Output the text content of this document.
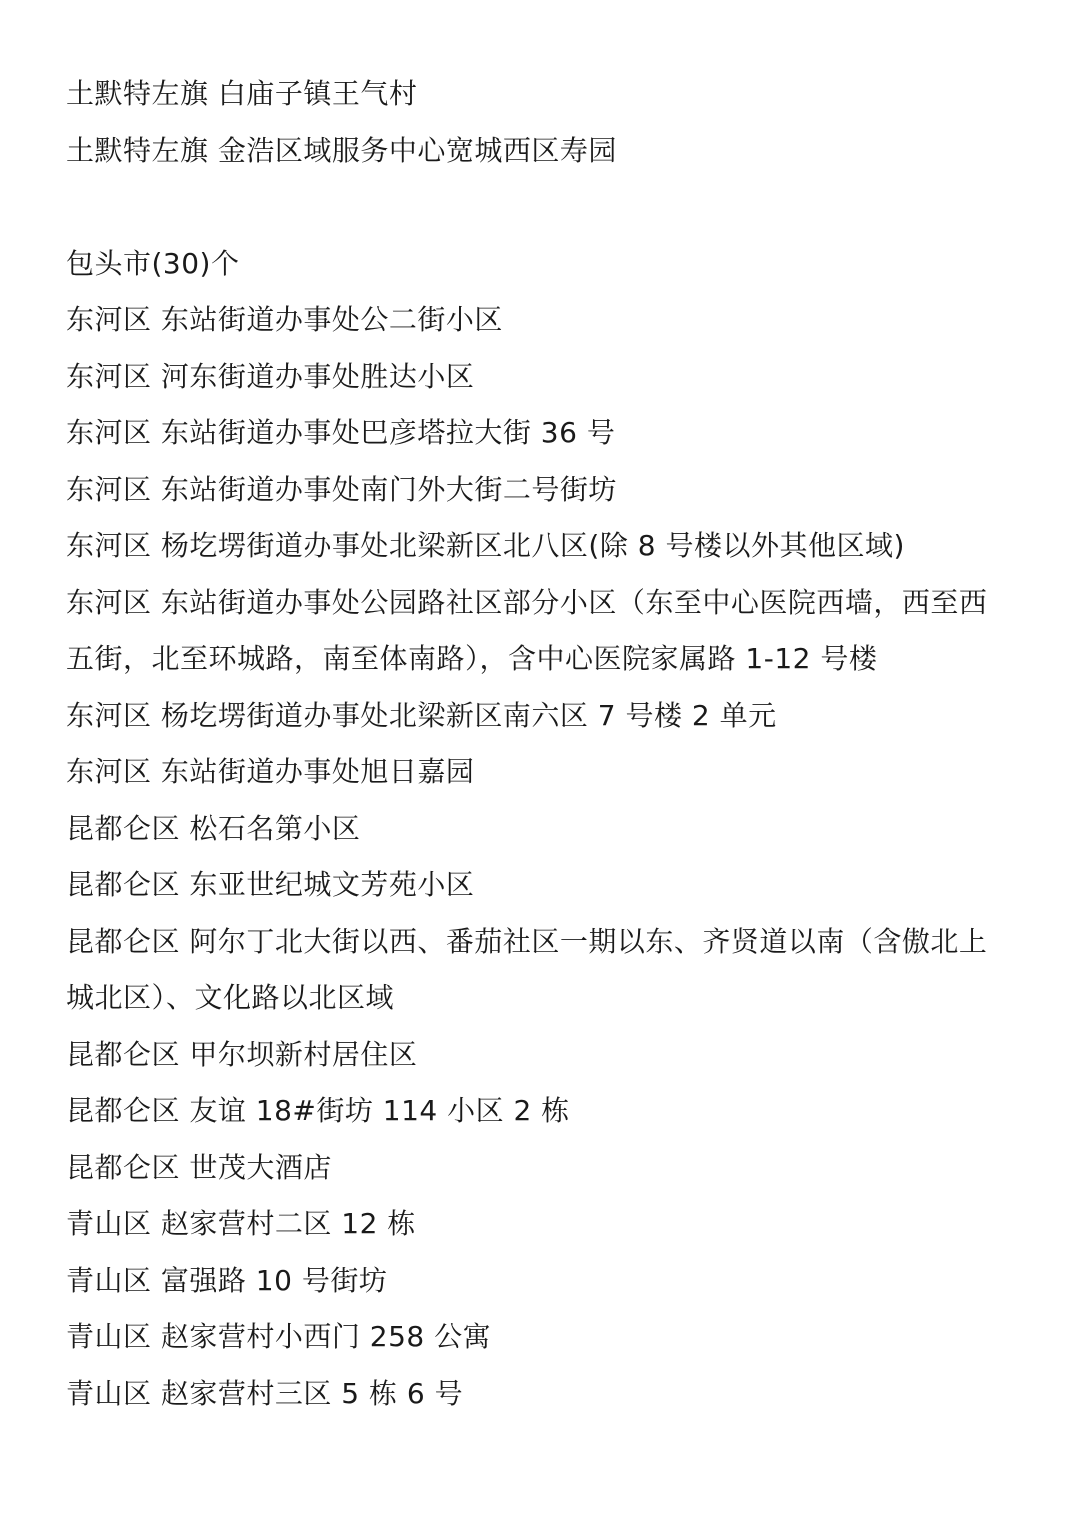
土默特左旗 白庙子镇王气村
土默特左旗 金浩区域服务中心宽城西区寿园
包头市(30)个
东河区 东站街道办事处公二街小区
东河区 河东街道办事处胜达小区
东河区 东站街道办事处巴彦塔拉大街 36 号
东河区 东站街道办事处南门外大街二号街坊
东河区 杨圪塄街道办事处北梁新区北八区(除 8 号楼以外其他区域)
东河区 东站街道办事处公园路社区部分小区（东至中心医院西墙，西至西
五街，北至环城路，南至体南路），含中心医院家属路 1-12 号楼
东河区 杨圪塄街道办事处北梁新区南六区 7 号楼 2 单元
东河区 东站街道办事处旭日嘉园
昆都仑区 松石名第小区
昆都仑区 东亚世纪城文芳苑小区
昆都仑区 阿尔丁北大街以西、番茄社区一期以东、齐贤道以南（含傲北上
城北区）、文化路以北区域
昆都仑区 甲尔坝新村居住区
昆都仑区 友谊 18#街坊 114 小区 2 栋
昆都仑区 世茂大酒店
青山区 赵家营村二区 12 栋
青山区 富强路 10 号街坊
青山区 赵家营村小西门 258 公寓
青山区 赵家营村三区 5 栋 6 号
